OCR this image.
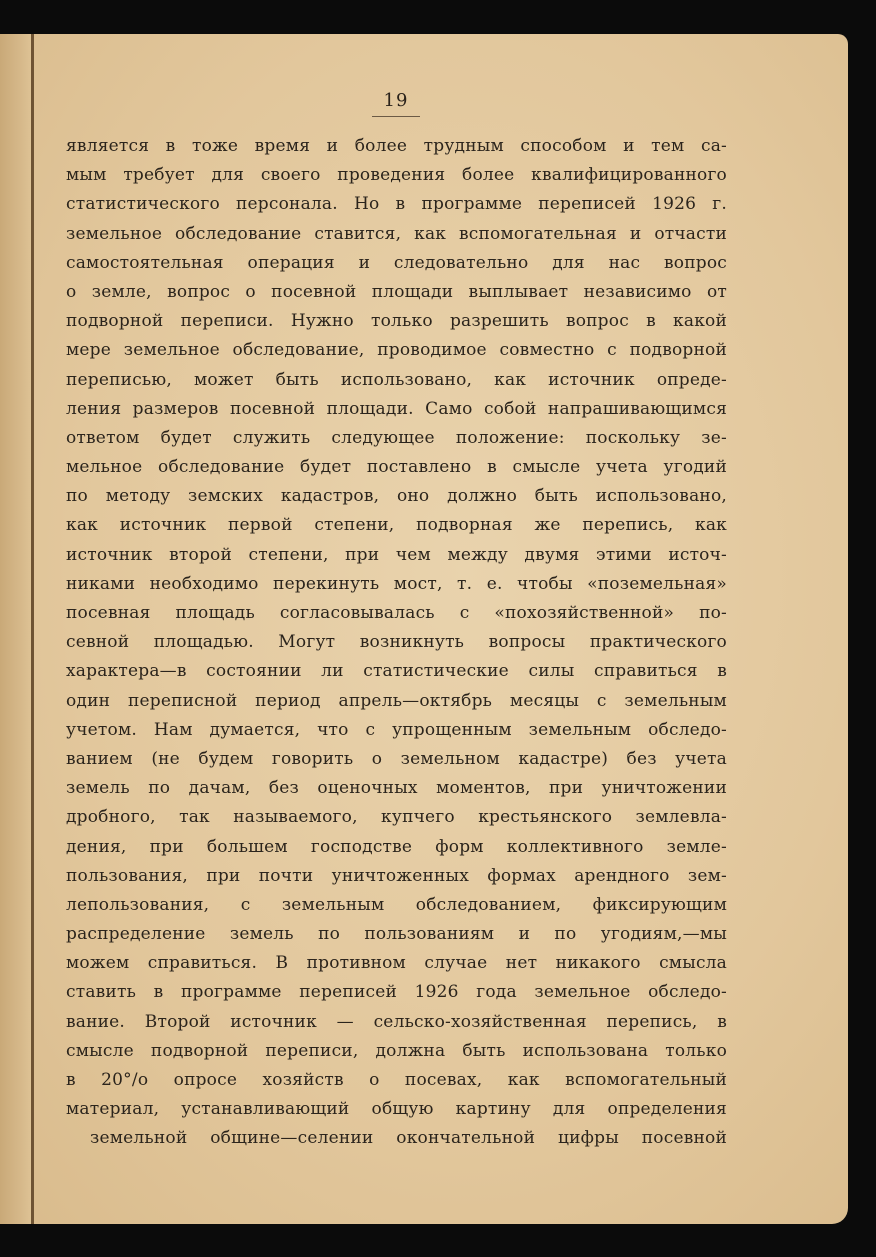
19
является в тоже время и более трудным способом и тем са-
мым требует для своего проведения более квалифицированного
статистического персонала. Но в программе переписей 1926 г.
земельное обследование ставится, как вспомогательная и отчасти
самостоятельная операция и следовательно для нас вопрос
о земле, вопрос о посевной площади выплывает независимо от
подворной переписи. Нужно только разрешить вопрос в какой
мере земельное обследование, проводимое совместно с подворной
переписью, может быть использовано, как источник опреде-
ления размеров посевной площади. Само собой напрашивающимся
ответом будет служить следующее положение: поскольку зе-
мельное обследование будет поставлено в смысле учета угодий
по методу земских кадастров, оно должно быть использовано,
как источник первой степени, подворная же перепись, как
источник второй степени, при чем между двумя этими источ-
никами необходимо перекинуть мост, т. е. чтобы «поземельная»
посевная площадь согласовывалась с «похозяйственной» по-
севной площадью. Могут возникнуть вопросы практического
характера—в состоянии ли статистические силы справиться в
один переписной период апрель—октябрь месяцы с земельным
учетом. Нам думается, что с упрощенным земельным обследо-
ванием (не будем говорить о земельном кадастре) без учета
земель по дачам, без оценочных моментов, при уничтожении
дробного, так называемого, купчего крестьянского землевла-
дения, при большем господстве форм коллективного земле-
пользования, при почти уничтоженных формах арендного зем-
лепользования, с земельным обследованием, фиксирующим
распределение земель по пользованиям и по угодиям,—мы
можем справиться. В противном случае нет никакого смысла
ставить в программе переписей 1926 года земельное обследо-
вание. Второй источник — сельско-хозяйственная перепись, в
смысле подворной переписи, должна быть использована только
в 20°/о опросе хозяйств о посевах, как вспомогательный
материал, устанавливающий общую картину для определения
земельной общине—селении окончательной цифры посевной
